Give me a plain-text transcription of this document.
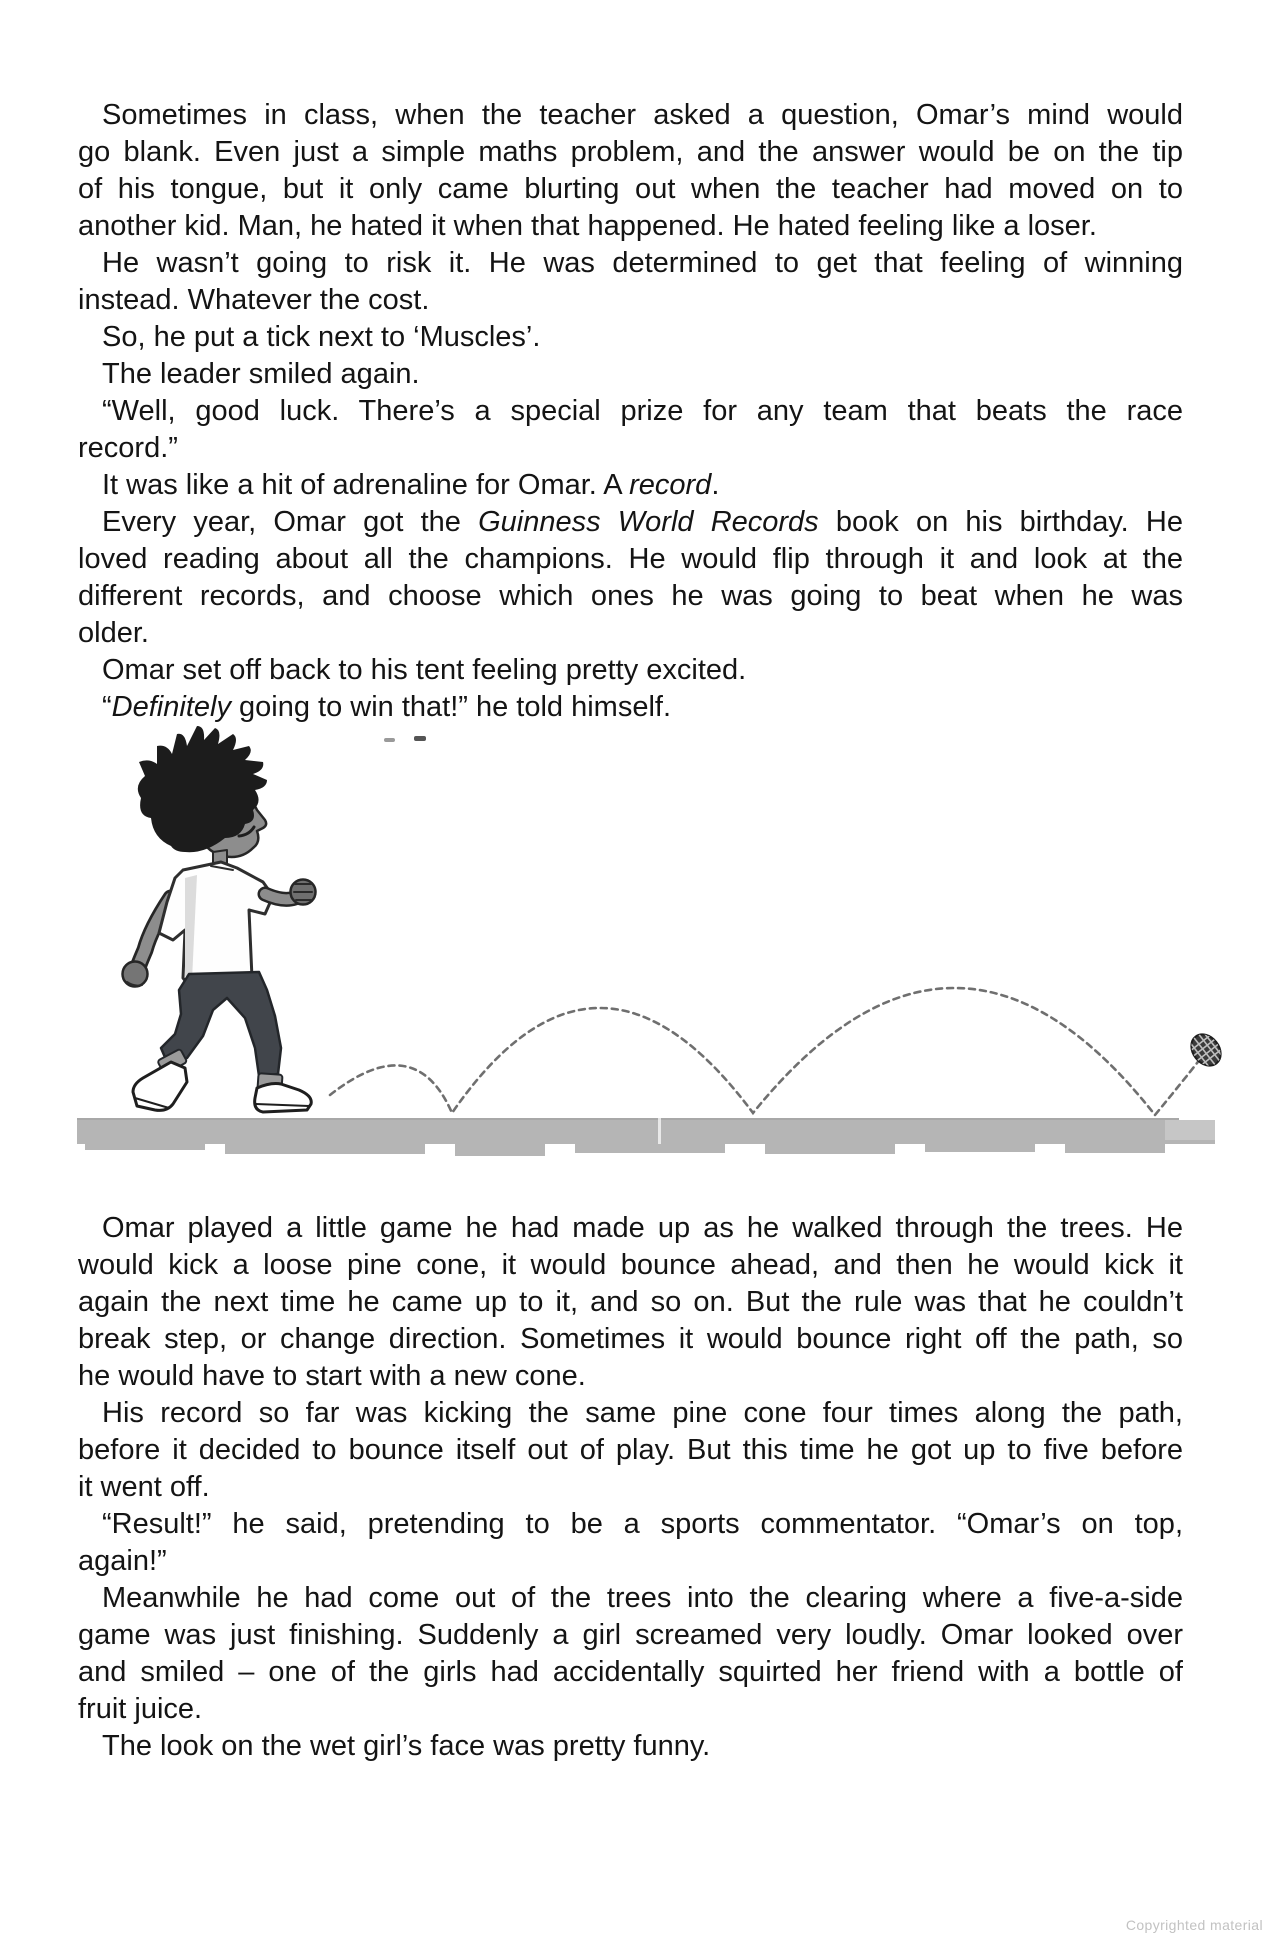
Sometimes in class, when the teacher asked a question, Omar’s mind would
go blank. Even just a simple maths problem, and the answer would be on the tip
of his tongue, but it only came blurting out when the teacher had moved on to
another kid. Man, he hated it when that happened. He hated feeling like a loser.
He wasn’t going to risk it. He was determined to get that feeling of winning
instead. Whatever the cost.
So, he put a tick next to ‘Muscles’.
The leader smiled again.
“Well, good luck. There’s a special prize for any team that beats the race
record.”
It was like a hit of adrenaline for Omar. A record.
Every year, Omar got the Guinness World Records book on his birthday. He
loved reading about all the champions. He would flip through it and look at the
different records, and choose which ones he was going to beat when he was
older.
Omar set off back to his tent feeling pretty excited.
“Definitely going to win that!” he told himself.
Omar played a little game he had made up as he walked through the trees. He
would kick a loose pine cone, it would bounce ahead, and then he would kick it
again the next time he came up to it, and so on. But the rule was that he couldn’t
break step, or change direction. Sometimes it would bounce right off the path, so
he would have to start with a new cone.
His record so far was kicking the same pine cone four times along the path,
before it decided to bounce itself out of play. But this time he got up to five before
it went off.
“Result!” he said, pretending to be a sports commentator. “Omar’s on top,
again!”
Meanwhile he had come out of the trees into the clearing where a five-a-side
game was just finishing. Suddenly a girl screamed very loudly. Omar looked over
and smiled – one of the girls had accidentally squirted her friend with a bottle of
fruit juice.
The look on the wet girl’s face was pretty funny.
Copyrighted material
